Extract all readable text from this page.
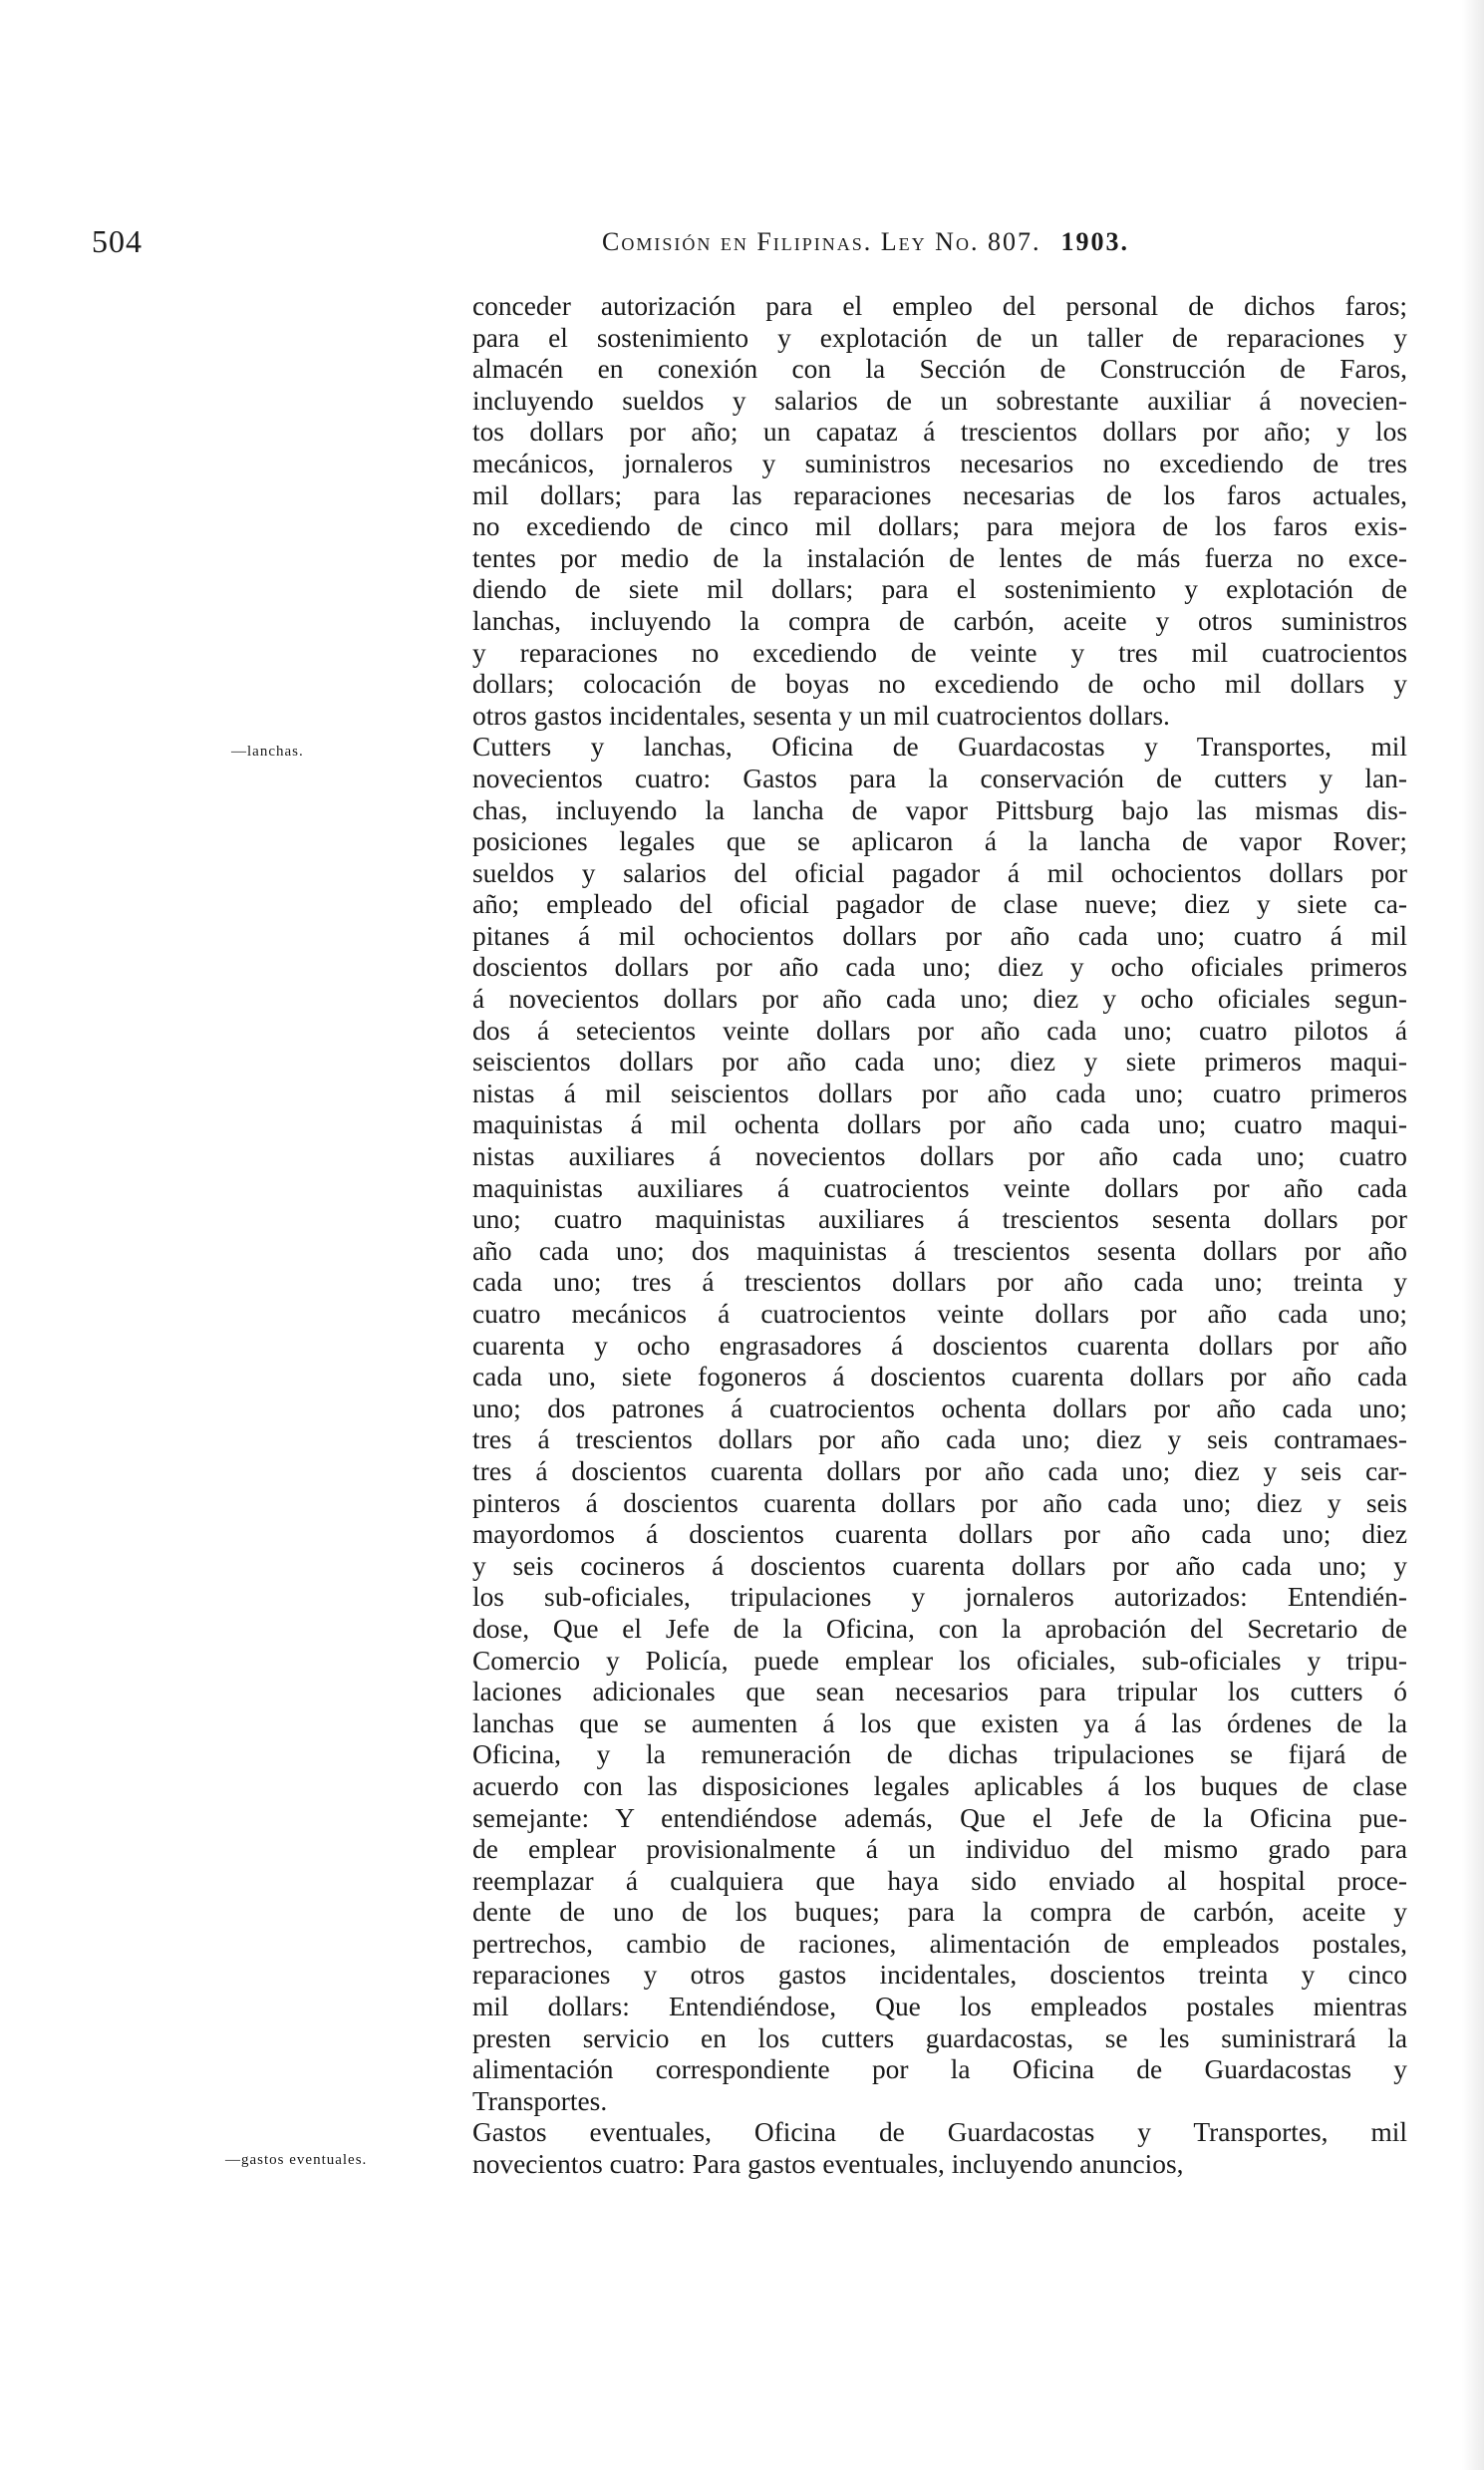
504	Comisión en Filipinas. Ley No. 807. 1903.
—lanchas.
—gastos eventuales.
conceder autorización para el empleo del personal de dichos faros;
para el sostenimiento y explotación de un taller de reparaciones y
almacén en conexión con la Sección de Construcción de Faros,
incluyendo sueldos y salarios de un sobrestante auxiliar á novecien-
tos dollars por año; un capataz á trescientos dollars por año; y los
mecánicos, jornaleros y suministros necesarios no excediendo de tres
mil dollars; para las reparaciones necesarias de los faros actuales,
no excediendo de cinco mil dollars; para mejora de los faros exis-
tentes por medio de la instalación de lentes de más fuerza no exce-
diendo de siete mil dollars; para el sostenimiento y explotación de
lanchas, incluyendo la compra de carbón, aceite y otros suministros
y reparaciones no excediendo de veinte y tres mil cuatrocientos
dollars; colocación de boyas no excediendo de ocho mil dollars y
otros gastos incidentales, sesenta y un mil cuatrocientos dollars.
Cutters y lanchas, Oficina de Guardacostas y Transportes, mil
novecientos cuatro: Gastos para la conservación de cutters y lan-
chas, incluyendo la lancha de vapor Pittsburg bajo las mismas dis-
posiciones legales que se aplicaron á la lancha de vapor Rover;
sueldos y salarios del oficial pagador á mil ochocientos dollars por
año; empleado del oficial pagador de clase nueve; diez y siete ca-
pitanes á mil ochocientos dollars por año cada uno; cuatro á mil
doscientos dollars por año cada uno; diez y ocho oficiales primeros
á novecientos dollars por año cada uno; diez y ocho oficiales segun-
dos á setecientos veinte dollars por año cada uno; cuatro pilotos á
seiscientos dollars por año cada uno; diez y siete primeros maqui-
nistas á mil seiscientos dollars por año cada uno; cuatro primeros
maquinistas á mil ochenta dollars por año cada uno; cuatro maqui-
nistas auxiliares á novecientos dollars por año cada uno; cuatro
maquinistas auxiliares á cuatrocientos veinte dollars por año cada
uno; cuatro maquinistas auxiliares á trescientos sesenta dollars por
año cada uno; dos maquinistas á trescientos sesenta dollars por año
cada uno; tres á trescientos dollars por año cada uno; treinta y
cuatro mecánicos á cuatrocientos veinte dollars por año cada uno;
cuarenta y ocho engrasadores á doscientos cuarenta dollars por año
cada uno, siete fogoneros á doscientos cuarenta dollars por año cada
uno; dos patrones á cuatrocientos ochenta dollars por año cada uno;
tres á trescientos dollars por año cada uno; diez y seis contramaes-
tres á doscientos cuarenta dollars por año cada uno; diez y seis car-
pinteros á doscientos cuarenta dollars por año cada uno; diez y seis
mayordomos á doscientos cuarenta dollars por año cada uno; diez
y seis cocineros á doscientos cuarenta dollars por año cada uno; y
los sub-oficiales, tripulaciones y jornaleros autorizados: Entendién-
dose, Que el Jefe de la Oficina, con la aprobación del Secretario de
Comercio y Policía, puede emplear los oficiales, sub-oficiales y tripu-
laciones adicionales que sean necesarios para tripular los cutters ó
lanchas que se aumenten á los que existen ya á las órdenes de la
Oficina, y la remuneración de dichas tripulaciones se fijará de
acuerdo con las disposiciones legales aplicables á los buques de clase
semejante: Y entendiéndose además, Que el Jefe de la Oficina pue-
de emplear provisionalmente á un individuo del mismo grado para
reemplazar á cualquiera que haya sido enviado al hospital proce-
dente de uno de los buques; para la compra de carbón, aceite y
pertrechos, cambio de raciones, alimentación de empleados postales,
reparaciones y otros gastos incidentales, doscientos treinta y cinco
mil dollars: Entendiéndose, Que los empleados postales mientras
presten servicio en los cutters guardacostas, se les suministrará la
alimentación correspondiente por la Oficina de Guardacostas y
Transportes.
Gastos eventuales, Oficina de Guardacostas y Transportes, mil
novecientos cuatro: Para gastos eventuales, incluyendo anuncios,
